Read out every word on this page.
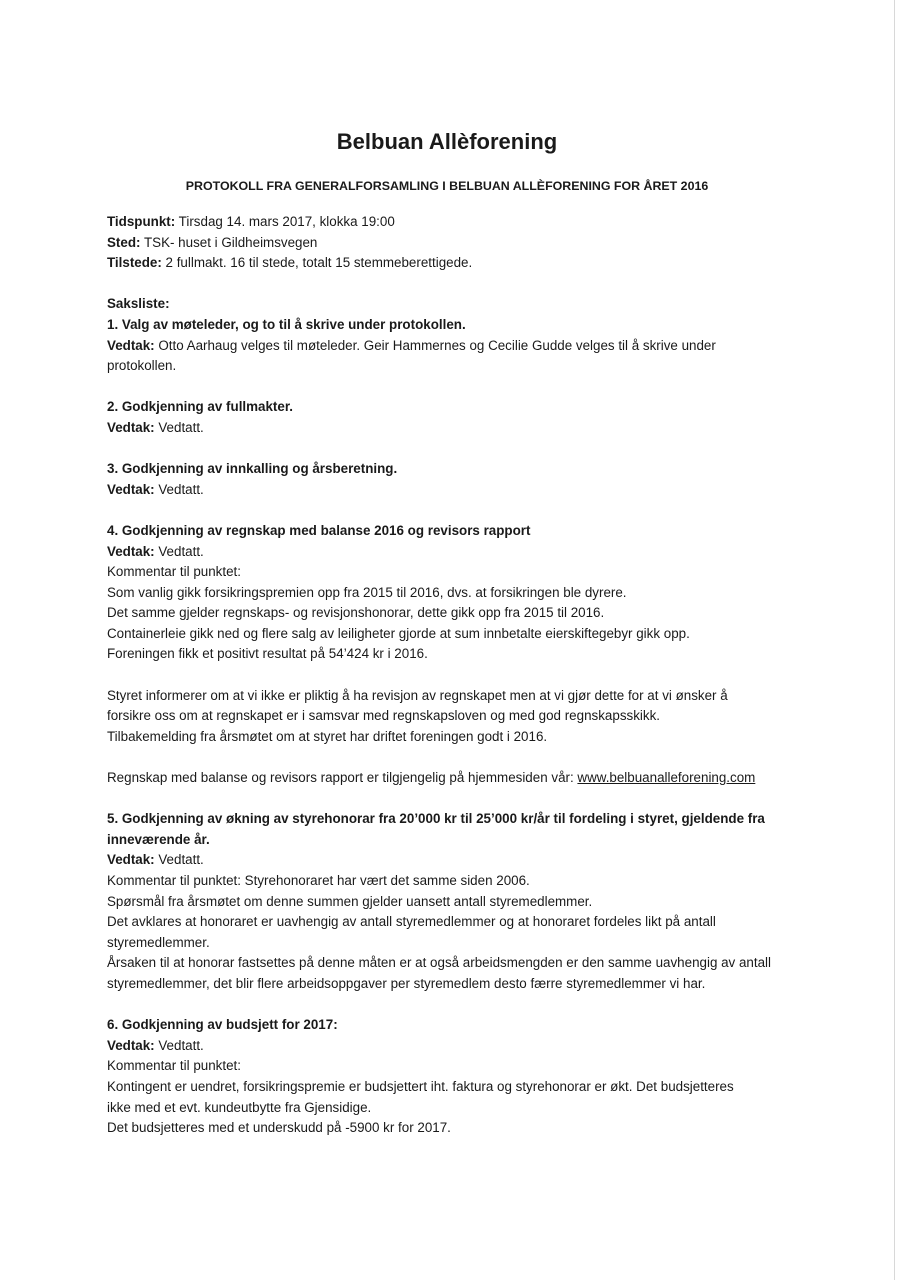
Belbuan Allèforening

PROTOKOLL FRA GENERALFORSAMLING I BELBUAN ALLÈFORENING FOR ÅRET 2016

Tidspunkt: Tirsdag 14. mars 2017, klokka 19:00

Sted: TSK- huset i Gildheimsvegen

Tilstede: 2 fullmakt. 16 til stede, totalt 15 stemmeberettigede.

Saksliste:

1. Valg av møteleder, og to til å skrive under protokollen.

Vedtak: Otto Aarhaug velges til møteleder. Geir Hammernes og Cecilie Gudde velges til å skrive under

protokollen.

2. Godkjenning av fullmakter.

Vedtak: Vedtatt.

3. Godkjenning av innkalling og årsberetning.

Vedtak: Vedtatt.

4. Godkjenning av regnskap med balanse 2016 og revisors rapport

Vedtak: Vedtatt.

Kommentar til punktet:

Som vanlig gikk forsikringspremien opp fra 2015 til 2016, dvs. at forsikringen ble dyrere.

Det samme gjelder regnskaps- og revisjonshonorar, dette gikk opp fra 2015 til 2016.

Containerleie gikk ned og flere salg av leiligheter gjorde at sum innbetalte eierskiftegebyr gikk opp.

Foreningen fikk et positivt resultat på 54’424 kr i 2016.

Styret informerer om at vi ikke er pliktig å ha revisjon av regnskapet men at vi gjør dette for at vi ønsker å

forsikre oss om at regnskapet er i samsvar med regnskapsloven og med god regnskapsskikk.

Tilbakemelding fra årsmøtet om at styret har driftet foreningen godt i 2016.

Regnskap med balanse og revisors rapport er tilgjengelig på hjemmesiden vår: www.belbuanalleforening.com

5. Godkjenning av økning av styrehonorar fra 20’000 kr til 25’000 kr/år til fordeling i styret, gjeldende fra

inneværende år.

Vedtak: Vedtatt.

Kommentar til punktet: Styrehonoraret har vært det samme siden 2006.

Spørsmål fra årsmøtet om denne summen gjelder uansett antall styremedlemmer.

Det avklares at honoraret er uavhengig av antall styremedlemmer og at honoraret fordeles likt på antall

styremedlemmer.

Årsaken til at honorar fastsettes på denne måten er at også arbeidsmengden er den samme uavhengig av antall

styremedlemmer, det blir flere arbeidsoppgaver per styremedlem desto færre styremedlemmer vi har.

6. Godkjenning av budsjett for 2017:

Vedtak: Vedtatt.

Kommentar til punktet:

Kontingent er uendret, forsikringspremie er budsjettert iht. faktura og styrehonorar er økt. Det budsjetteres

ikke med et evt. kundeutbytte fra Gjensidige.

Det budsjetteres med et underskudd på -5900 kr for 2017.
